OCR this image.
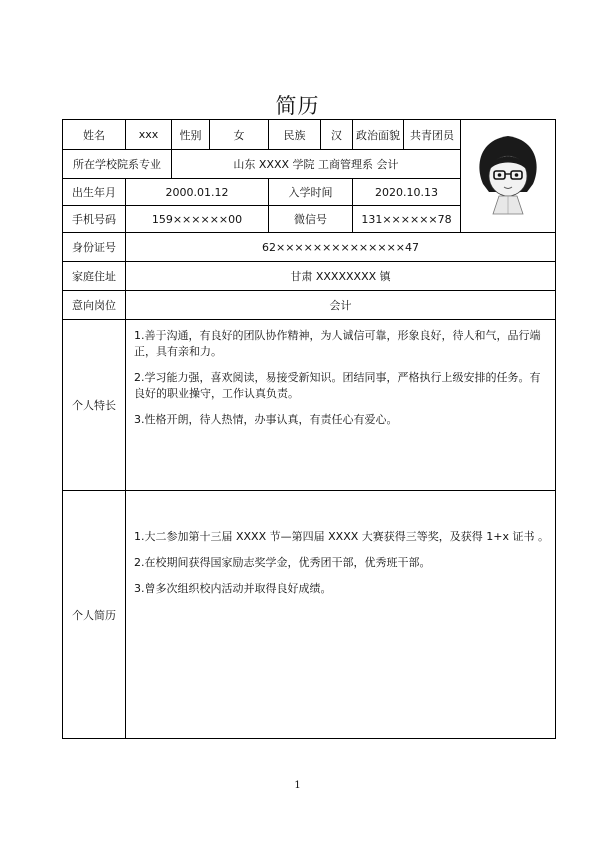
简历
姓名	xxx	性别	女	民族	汉	政治面貌	共青团员	

所在学校院系专业		山东 XXXX 学院 工商管理系 会计						
出生年月	2000.01.12			入学时间		2020.10.13		
手机号码	159××××××00			微信号		131××××××78		
身份证号	62××××××××××××××47							
家庭住址	甘肃 XXXXXXXX 镇							
意向岗位	会计							
个人特长	1.善于沟通，有良好的团队协作精神，为人诚信可靠，形象良好，待人和气，品行端正，具有亲和力。

2.学习能力强，喜欢阅读，易接受新知识。团结同事，严格执行上级安排的任务。有良好的职业操守，工作认真负责。

3.性格开朗，待人热情，办事认真，有责任心有爱心。							

个人简历	1.大二参加第十三届 XXXX 节—第四届 XXXX 大赛获得三等奖，及获得 1+x 证书 。

2.在校期间获得国家励志奖学金，优秀团干部，优秀班干部。

3.曾多次组织校内活动并取得良好成绩。							

1
